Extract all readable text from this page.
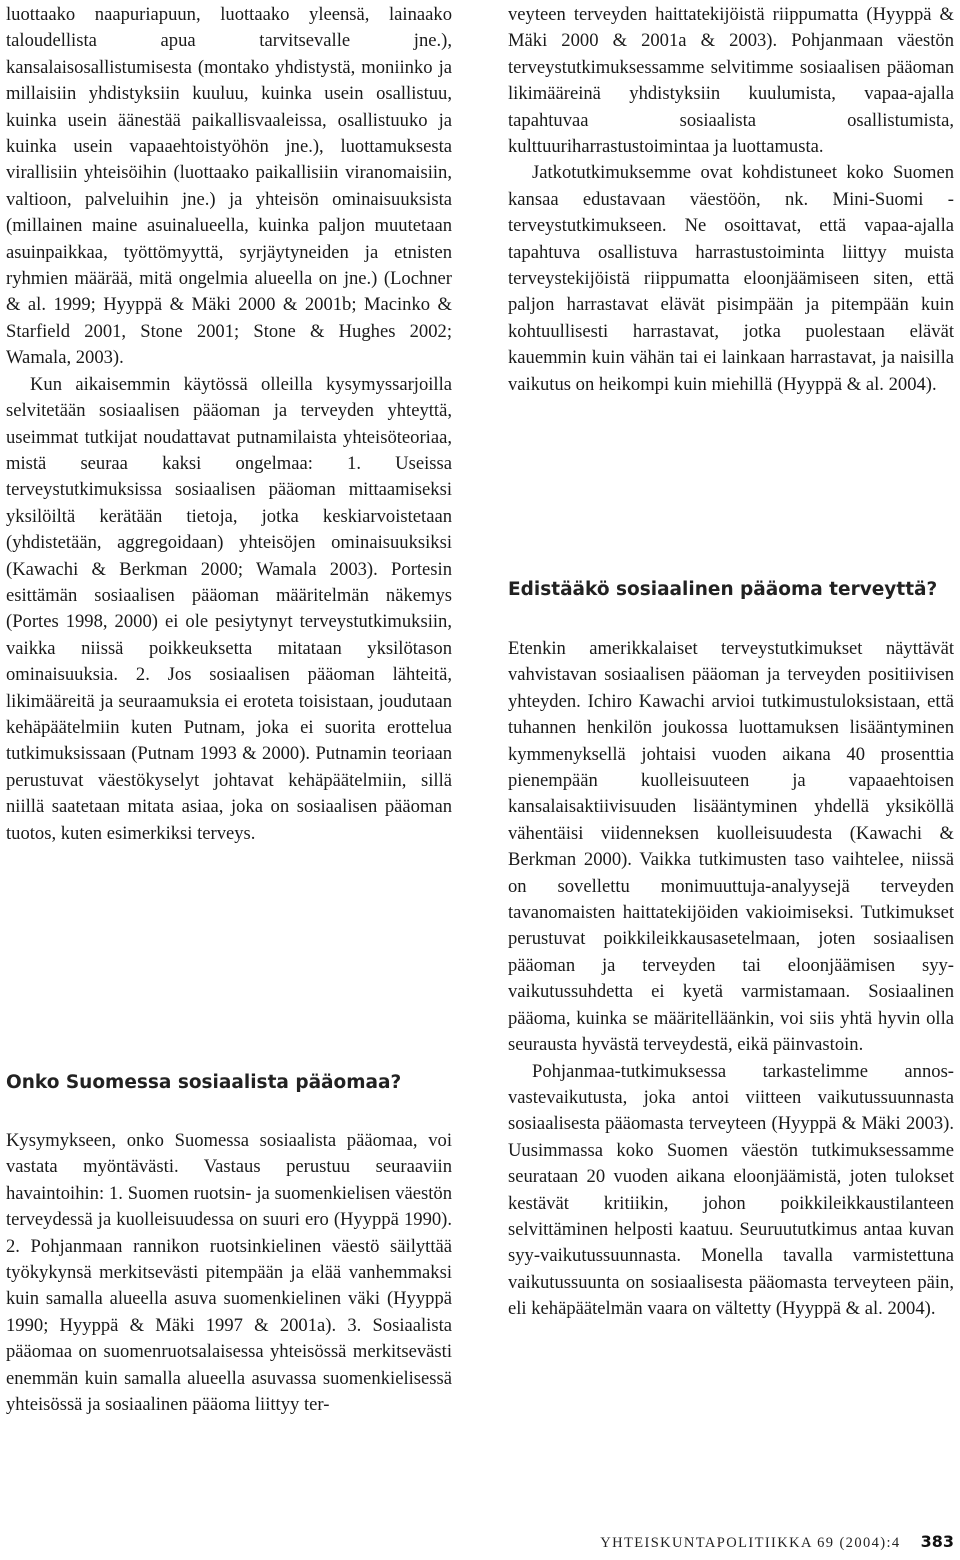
luottaako naapuriapuun, luottaako yleensä, lainaako taloudellista apua tarvitsevalle jne.), kansalaisosallistumisesta (montako yhdistystä, moniinko ja millaisiin yhdistyksiin kuuluu, kuinka usein osallistuu, kuinka usein äänestää paikallisvaaleissa, osallistuuko ja kuinka usein vapaaehtoistyöhön jne.), luottamuksesta virallisiin yhteisöihin (luottaako paikallisiin viranomaisiin, valtioon, palveluihin jne.) ja yhteisön ominaisuuksista (millainen maine asuinalueella, kuinka paljon muutetaan asuinpaikkaa, työttömyyttä, syrjäytyneiden ja etnisten ryhmien määrää, mitä ongelmia alueella on jne.) (Lochner & al. 1999; Hyyppä & Mäki 2000 & 2001b; Macinko & Starfield 2001, Stone 2001; Stone & Hughes 2002; Wamala, 2003).

Kun aikaisemmin käytössä olleilla kysymyssarjoilla selvitetään sosiaalisen pääoman ja terveyden yhteyttä, useimmat tutkijat noudattavat putnamilaista yhteisöteoriaa, mistä seuraa kaksi ongelmaa: 1. Useissa terveystutkimuksissa sosiaalisen pääoman mittaamiseksi yksilöiltä kerätään tietoja, jotka keskiarvoistetaan (yhdistetään, aggregoidaan) yhteisöjen ominaisuuksiksi (Kawachi & Berkman 2000; Wamala 2003). Portesin esittämän sosiaalisen pääoman määritelmän näkemys (Portes 1998, 2000) ei ole pesiytynyt terveystutkimuksiin, vaikka niissä poikkeuksetta mitataan yksilötason ominaisuuksia. 2. Jos sosiaalisen pääoman lähteitä, likimääreitä ja seuraamuksia ei eroteta toisistaan, joudutaan kehäpäätelmiin kuten Putnam, joka ei suorita erottelua tutkimuksissaan (Putnam 1993 & 2000). Putnamin teoriaan perustuvat väestökyselyt johtavat kehäpäätelmiin, sillä niillä saatetaan mitata asiaa, joka on sosiaalisen pääoman tuotos, kuten esimerkiksi terveys.

Onko Suomessa sosiaalista pääomaa?

Kysymykseen, onko Suomessa sosiaalista pääomaa, voi vastata myöntävästi. Vastaus perustuu seuraaviin havaintoihin: 1. Suomen ruotsin- ja suomenkielisen väestön terveydessä ja kuolleisuudessa on suuri ero (Hyyppä 1990). 2. Pohjanmaan rannikon ruotsinkielinen väestö säilyttää työkykynsä merkitsevästi pitempään ja elää vanhemmaksi kuin samalla alueella asuva suomenkielinen väki (Hyyppä 1990; Hyyppä & Mäki 1997 & 2001a). 3. Sosiaalista pääomaa on suomenruotsalaisessa yhteisössä merkitsevästi enemmän kuin samalla alueella asuvassa suomenkielisessä yhteisössä ja sosiaalinen pääoma liittyy ter-

veyteen terveyden haittatekijöistä riippumatta (Hyyppä & Mäki 2000 & 2001a & 2003). Pohjanmaan väestön terveystutkimuksessamme selvitimme sosiaalisen pääoman likimääreinä yhdistyksiin kuulumista, vapaa-ajalla tapahtuvaa sosiaalista osallistumista, kulttuuriharrastustoimintaa ja luottamusta.

Jatkotutkimuksemme ovat kohdistuneet koko Suomen kansaa edustavaan väestöön, nk. Mini-Suomi -terveystutkimukseen. Ne osoittavat, että vapaa-ajalla tapahtuva osallistuva harrastustoiminta liittyy muista terveystekijöistä riippumatta eloonjäämiseen siten, että paljon harrastavat elävät pisimpään ja pitempään kuin kohtuullisesti harrastavat, jotka puolestaan elävät kauemmin kuin vähän tai ei lainkaan harrastavat, ja naisilla vaikutus on heikompi kuin miehillä (Hyyppä & al. 2004).

Edistääkö sosiaalinen pääoma terveyttä?

Etenkin amerikkalaiset terveystutkimukset näyttävät vahvistavan sosiaalisen pääoman ja terveyden positiivisen yhteyden. Ichiro Kawachi arvioi tutkimustuloksistaan, että tuhannen henkilön joukossa luottamuksen lisääntyminen kymmenyksellä johtaisi vuoden aikana 40 prosenttia pienempään kuolleisuuteen ja vapaaehtoisen kansalaisaktiivisuuden lisääntyminen yhdellä yksiköllä vähentäisi viidenneksen kuolleisuudesta (Kawachi & Berkman 2000). Vaikka tutkimusten taso vaihtelee, niissä on sovellettu monimuuttuja-analyysejä terveyden tavanomaisten haittatekijöiden vakioimiseksi. Tutkimukset perustuvat poikkileikkausasetelmaan, joten sosiaalisen pääoman ja terveyden tai eloonjäämisen syy-vaikutussuhdetta ei kyetä varmistamaan. Sosiaalinen pääoma, kuinka se määritelläänkin, voi siis yhtä hyvin olla seurausta hyvästä terveydestä, eikä päinvastoin.

Pohjanmaa-tutkimuksessa tarkastelimme annos-vastevaikutusta, joka antoi viitteen vaikutussuunnasta sosiaalisesta pääomasta terveyteen (Hyyppä & Mäki 2003). Uusimmassa koko Suomen väestön tutkimuksessamme seurataan 20 vuoden aikana eloonjäämistä, joten tulokset kestävät kritiikin, johon poikkileikkaustilanteen selvittäminen helposti kaatuu. Seuruututkimus antaa kuvan syy-vaikutussuunnasta. Monella tavalla varmistettuna vaikutussuunta on sosiaalisesta pääomasta terveyteen päin, eli kehäpäätelmän vaara on vältetty (Hyyppä & al. 2004).

YHTEISKUNTAPOLITIIKKA 69 (2004):4 383
